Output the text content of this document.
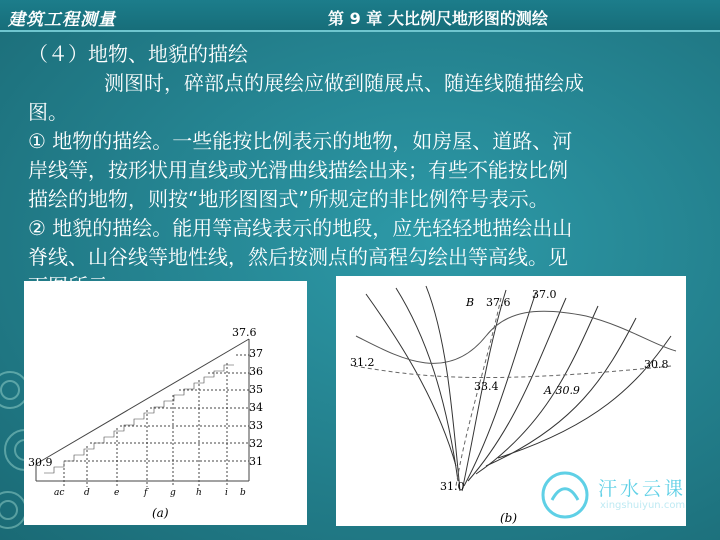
建筑工程测量	第 9 章 大比例尺地形图的测绘

（４）地物、地貌的描绘

测图时，碎部点的展绘应做到随展点、随连线随描绘成

图。

① 地物的描绘。一些能按比例表示的地物，如房屋、道路、河

岸线等，按形状用直线或光滑曲线描绘出来；有些不能按比例

描绘的地物，则按“地形图图式”所规定的非比例符号表示。

② 地貌的描绘。能用等高线表示的地段，应先轻轻地描绘出山

脊线、山谷线等地性线，然后按测点的高程勾绘出等高线。见

37.6
30.9
37
36
35
34
33
32
31
ac d	e	f	g h	i b
(a)
B 37.6
37.0
31.2	30.8
33.4	A 30.9
31.0
(b)
汗水云课
xingshuiyun.com
